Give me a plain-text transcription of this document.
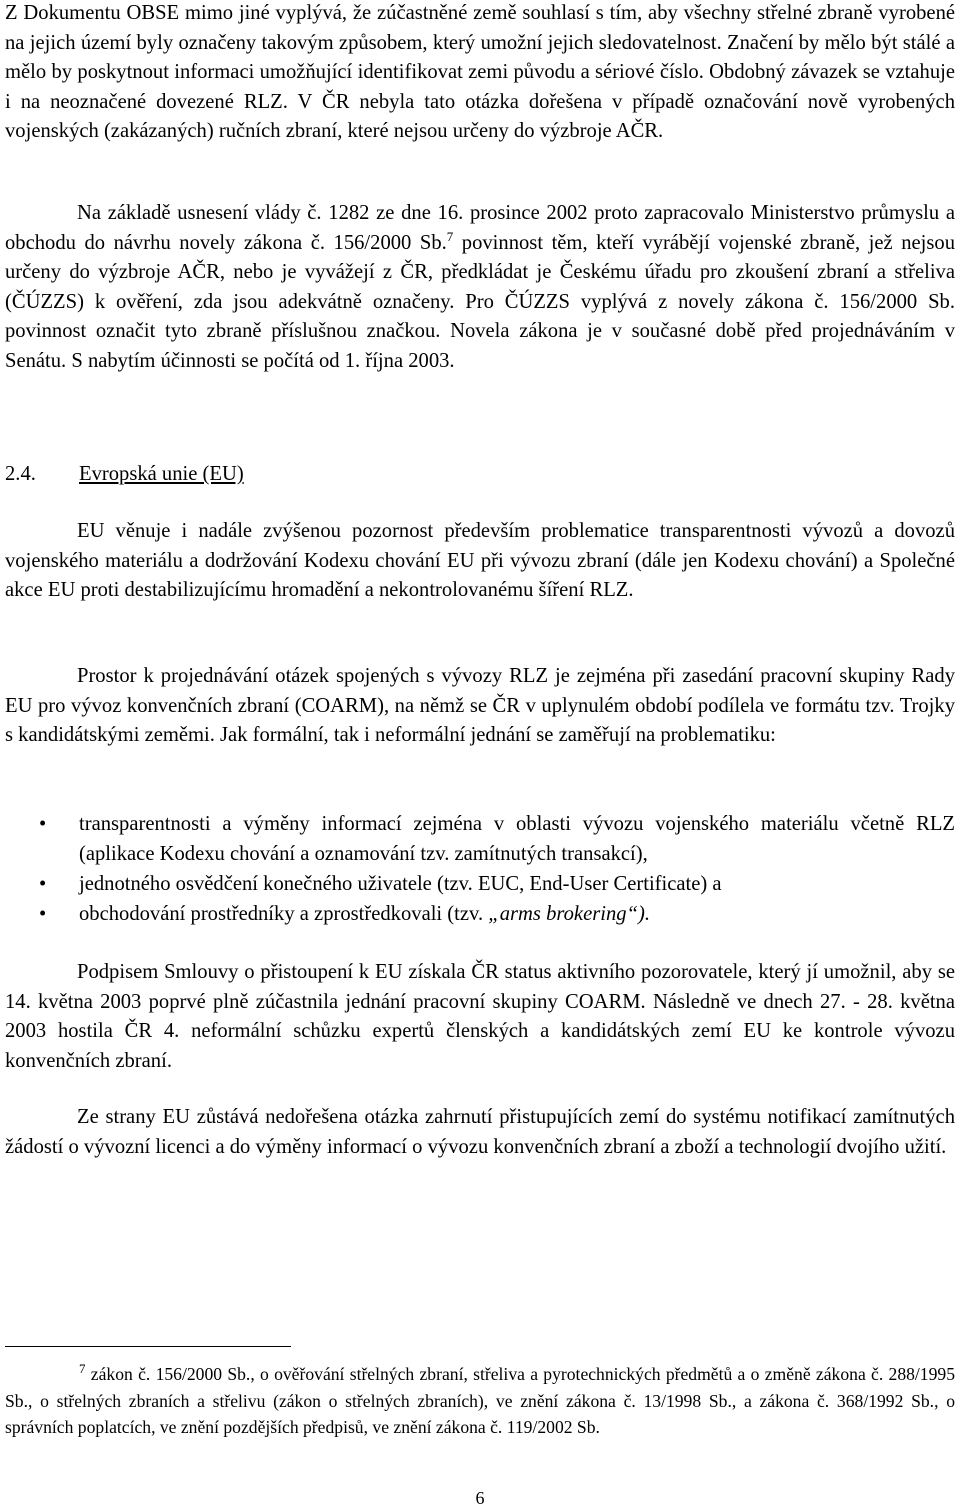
Z Dokumentu OBSE mimo jiné vyplývá, že zúčastněné země souhlasí s tím, aby všechny střelné zbraně vyrobené na jejich území byly označeny takovým způsobem, který umožní jejich sledovatelnost. Značení by mělo být stálé a mělo by poskytnout informaci umožňující identifikovat zemi původu a sériové číslo. Obdobný závazek se vztahuje i na neoznačené dovezené RLZ. V ČR nebyla tato otázka dořešena v případě označování nově vyrobených vojenských (zakázaných) ručních zbraní, které nejsou určeny do výzbroje AČR.

Na základě usnesení vlády č. 1282 ze dne 16. prosince 2002 proto zapracovalo Ministerstvo průmyslu a obchodu do návrhu novely zákona č. 156/2000 Sb.$^7$ povinnost těm, kteří vyrábějí vojenské zbraně, jež nejsou určeny do výzbroje AČR, nebo je vyvážejí z ČR, předkládat je Českému úřadu pro zkoušení zbraní a střeliva (ČÚZZS) k ověření, zda jsou adekvátně označeny. Pro ČÚZZS vyplývá z novely zákona č. 156/2000 Sb. povinnost označit tyto zbraně příslušnou značkou. Novela zákona je v současné době před projednáváním v Senátu. S nabytím účinnosti se počítá od 1. října 2003.

2.4. Evropská unie (EU)

EU věnuje i nadále zvýšenou pozornost především problematice transparentnosti vývozů a dovozů vojenského materiálu a dodržování Kodexu chování EU při vývozu zbraní (dále jen Kodexu chování) a Společné akce EU proti destabilizujícímu hromadění a nekontrolovanému šíření RLZ.

Prostor k projednávání otázek spojených s vývozy RLZ je zejména při zasedání pracovní skupiny Rady EU pro vývoz konvenčních zbraní (COARM), na němž se ČR v uplynulém období podílela ve formátu tzv. Trojky s kandidátskými zeměmi. Jak formální, tak i neformální jednání se zaměřují na problematiku:

• transparentnosti a výměny informací zejména v oblasti vývozu vojenského materiálu včetně RLZ (aplikace Kodexu chování a oznamování tzv. zamítnutých transakcí),
• jednotného osvědčení konečného uživatele (tzv. EUC, End-User Certificate) a
• obchodování prostředníky a zprostředkovali (tzv. „arms brokering“).

Podpisem Smlouvy o přistoupení k EU získala ČR status aktivního pozorovatele, který jí umožnil, aby se 14. května 2003 poprvé plně zúčastnila jednání pracovní skupiny COARM. Následně ve dnech 27. - 28. května 2003 hostila ČR 4. neformální schůzku expertů členských a kandidátských zemí EU ke kontrole vývozu konvenčních zbraní.

Ze strany EU zůstává nedořešena otázka zahrnutí přistupujících zemí do systému notifikací zamítnutých žádostí o vývozní licenci a do výměny informací o vývozu konvenčních zbraní a zboží a technologií dvojího užití.

$^7$ zákon č. 156/2000 Sb., o ověřování střelných zbraní, střeliva a pyrotechnických předmětů a o změně zákona č. 288/1995 Sb., o střelných zbraních a střelivu (zákon o střelných zbraních), ve znění zákona č. 13/1998 Sb., a zákona č. 368/1992 Sb., o správních poplatcích, ve znění pozdějších předpisů, ve znění zákona č. 119/2002 Sb.
6
